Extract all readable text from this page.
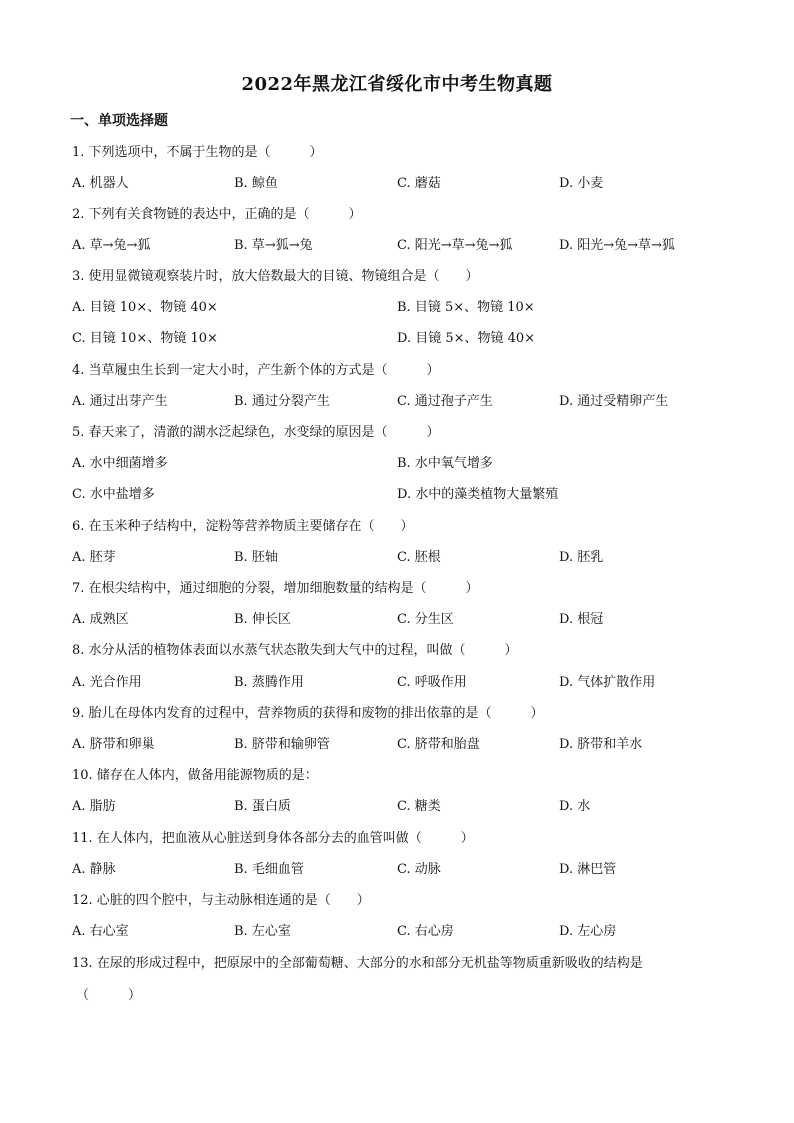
2022年黑龙江省绥化市中考生物真题
一、单项选择题
1. 下列选项中，不属于生物的是（　　　）
A. 机器人	B. 鲸鱼	C. 蘑菇	D. 小麦
2. 下列有关食物链的表达中，正确的是（　　　）
A. 草→兔→狐	B. 草→狐→兔	C. 阳光→草→兔→狐	D. 阳光→兔→草→狐
3. 使用显微镜观察装片时，放大倍数最大的目镜、物镜组合是（　　）
A. 目镜 10×、物镜 40×	B. 目镜 5×、物镜 10×
C. 目镜 10×、物镜 10×	D. 目镜 5×、物镜 40×
4. 当草履虫生长到一定大小时，产生新个体的方式是（　　　）
A. 通过出芽产生	B. 通过分裂产生	C. 通过孢子产生	D. 通过受精卵产生
5. 春天来了，清澈的湖水泛起绿色，水变绿的原因是（　　　）
A. 水中细菌增多	B. 水中氧气增多
C. 水中盐增多	D. 水中的藻类植物大量繁殖
6. 在玉米种子结构中，淀粉等营养物质主要储存在（　　）
A. 胚芽	B. 胚轴	C. 胚根	D. 胚乳
7. 在根尖结构中，通过细胞的分裂，增加细胞数量的结构是（　　　）
A. 成熟区	B. 伸长区	C. 分生区	D. 根冠
8. 水分从活的植物体表面以水蒸气状态散失到大气中的过程，叫做（　　　）
A. 光合作用	B. 蒸腾作用	C. 呼吸作用	D. 气体扩散作用
9. 胎儿在母体内发育的过程中，营养物质的获得和废物的排出依靠的是（　　　）
A. 脐带和卵巢	B. 脐带和输卵管	C. 脐带和胎盘	D. 脐带和羊水
10. 储存在人体内，做备用能源物质的是：
A. 脂肪	B. 蛋白质	C. 糖类	D. 水
11. 在人体内，把血液从心脏送到身体各部分去的血管叫做（　　　）
A. 静脉	B. 毛细血管	C. 动脉	D. 淋巴管
12. 心脏的四个腔中，与主动脉相连通的是（　　）
A. 右心室	B. 左心室	C. 右心房	D. 左心房
13. 在尿的形成过程中，把原尿中的全部葡萄糖、大部分的水和部分无机盐等物质重新吸收的结构是
（　　　）
